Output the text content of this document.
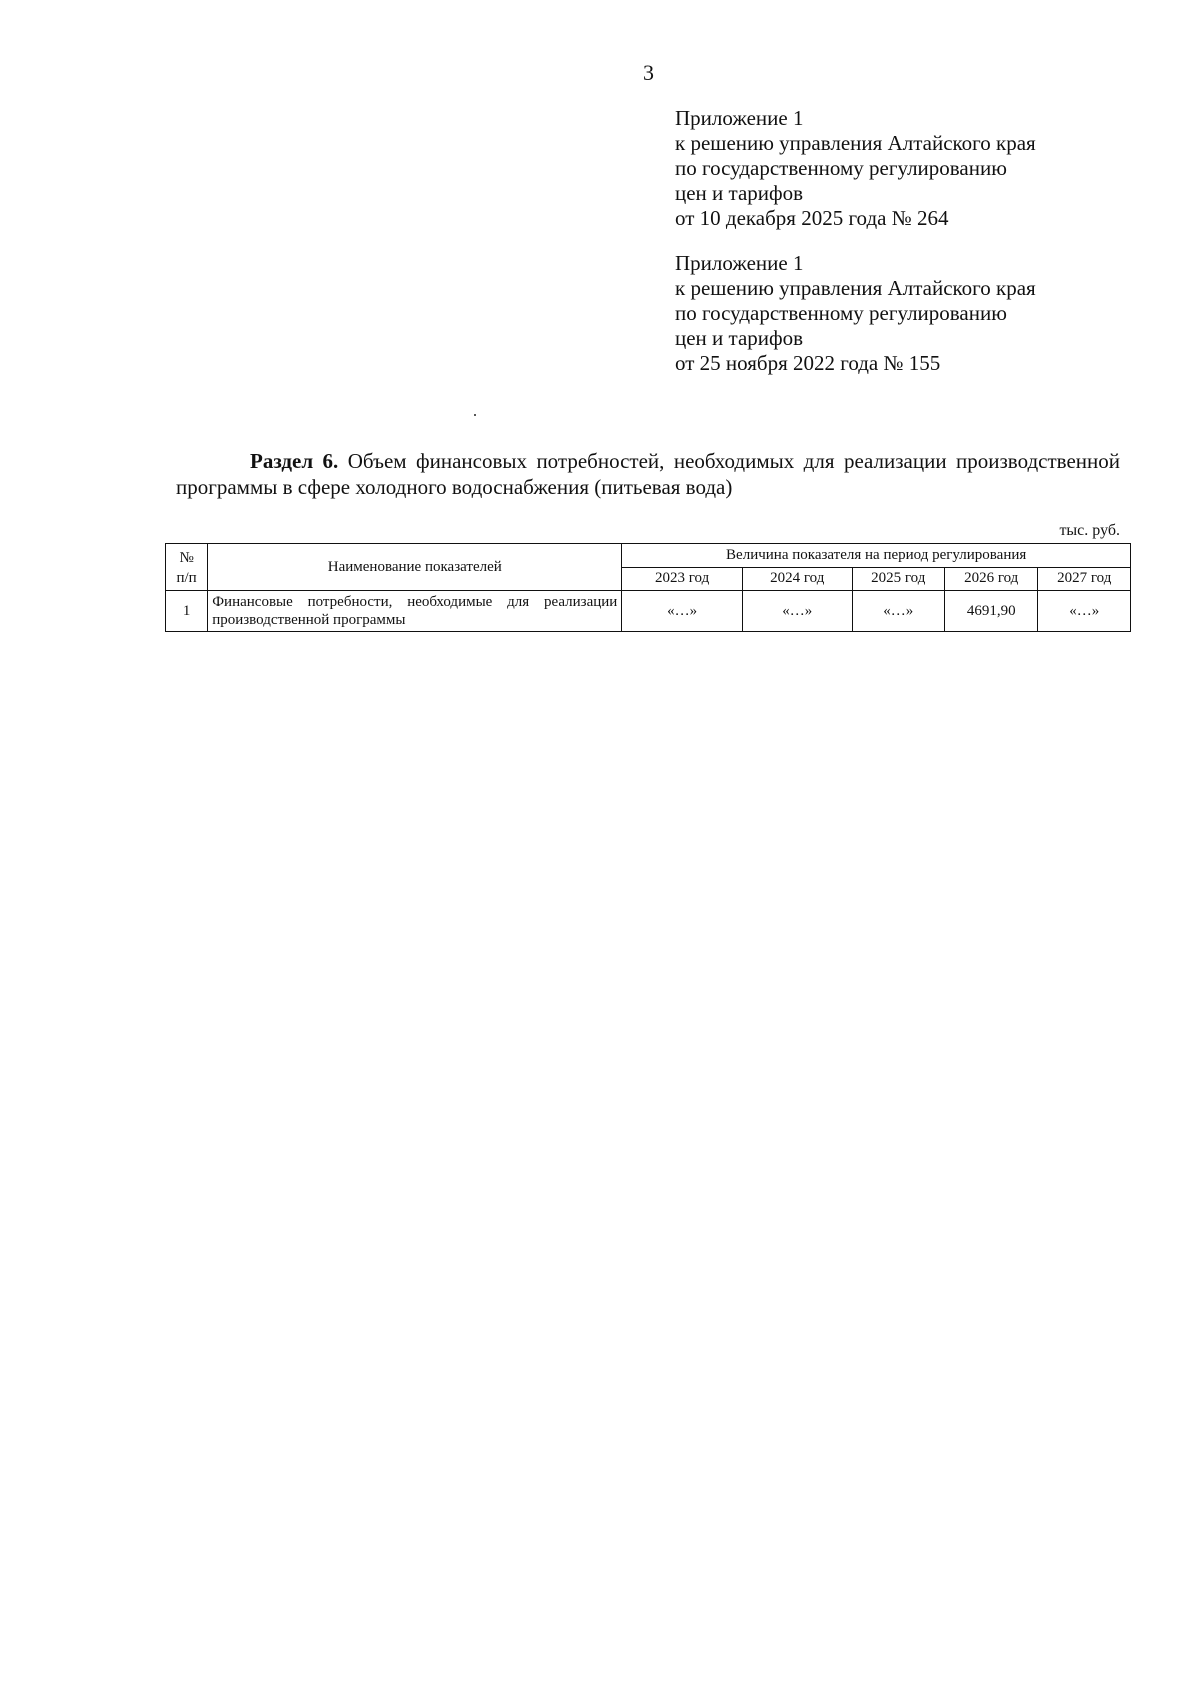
3
Приложение 1
к решению управления Алтайского края
по государственному регулированию
цен и тарифов
от 10 декабря 2025 года № 264
Приложение 1
к решению управления Алтайского края
по государственному регулированию
цен и тарифов
от 25 ноября 2022 года № 155
Раздел 6. Объем финансовых потребностей, необходимых для реализации производственной программы в сфере холодного водоснабжения (питьевая вода)
тыс. руб.
№
п/п	Наименование показателей	Величина показателя на период регулирования				
		2023 год	2024 год	2025 год	2026 год	2027 год
1	Финансовые потребности, необходимые для реализации производственной программы	«…»	«…»	«…»	4691,90	«…»
